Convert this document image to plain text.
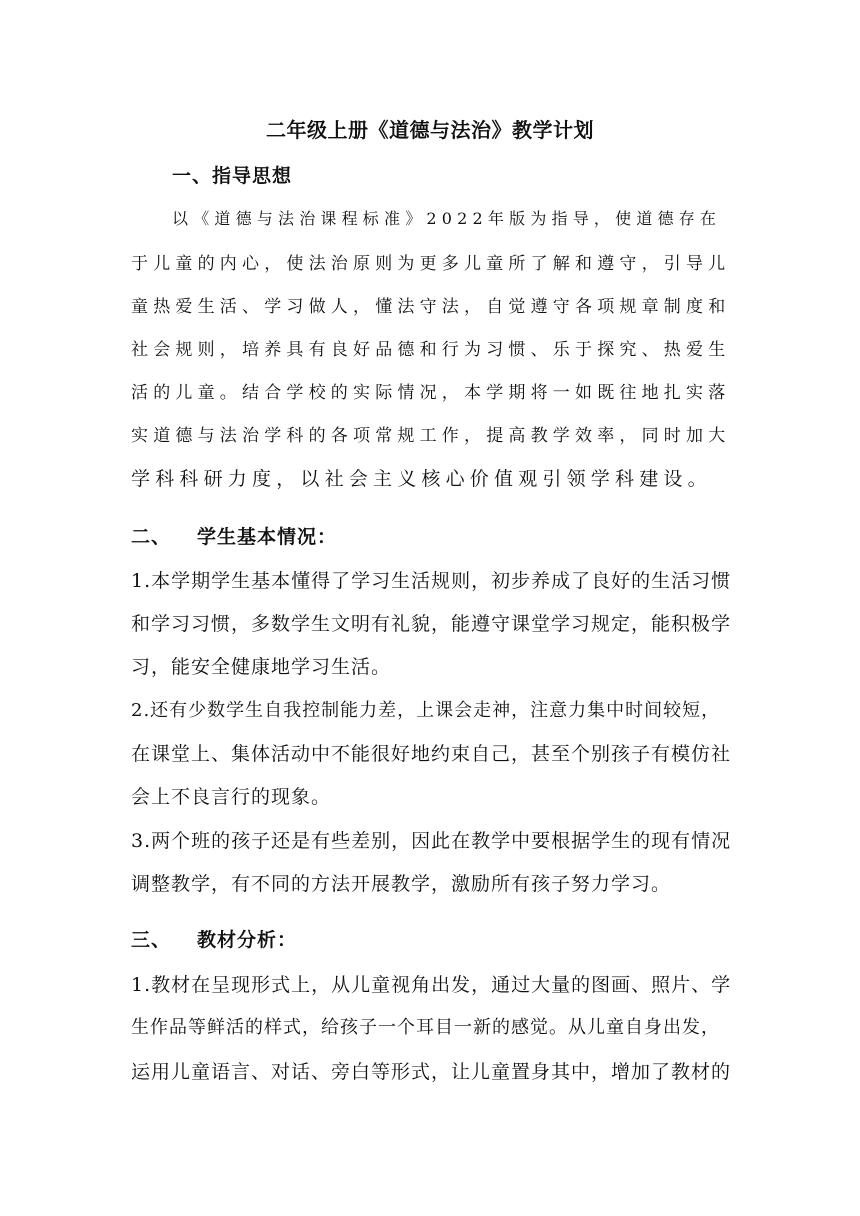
二年级上册《道德与法治》教学计划
一、指导思想
以《道德与法治课程标准》2022年版为指导，使道德存在
于儿童的内心，使法治原则为更多儿童所了解和遵守，引导儿
童热爱生活、学习做人，懂法守法，自觉遵守各项规章制度和
社会规则，培养具有良好品德和行为习惯、乐于探究、热爱生
活的儿童。结合学校的实际情况，本学期将一如既往地扎实落
实道德与法治学科的各项常规工作，提高教学效率，同时加大
学科科研力度，以社会主义核心价值观引领学科建设。
二、 学生基本情况：
1.本学期学生基本懂得了学习生活规则，初步养成了良好的生活习惯
和学习习惯，多数学生文明有礼貌，能遵守课堂学习规定，能积极学
习，能安全健康地学习生活。
2.还有少数学生自我控制能力差，上课会走神，注意力集中时间较短，
在课堂上、集体活动中不能很好地约束自己，甚至个别孩子有模仿社
会上不良言行的现象。
3.两个班的孩子还是有些差别，因此在教学中要根据学生的现有情况
调整教学，有不同的方法开展教学，激励所有孩子努力学习。
三、 教材分析：
1.教材在呈现形式上，从儿童视角出发，通过大量的图画、照片、学
生作品等鲜活的样式，给孩子一个耳目一新的感觉。从儿童自身出发，
运用儿童语言、对话、旁白等形式，让儿童置身其中，增加了教材的
